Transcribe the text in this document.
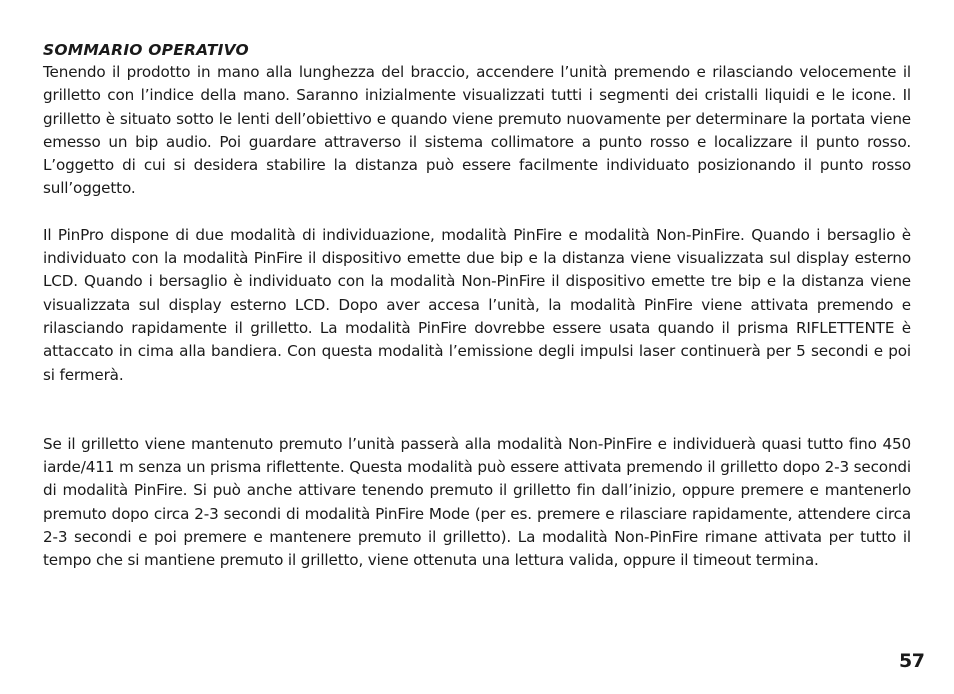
SOMMARIO OPERATIVO

Tenendo il prodotto in mano alla lunghezza del braccio, accendere l’unità premendo e rilasciando velocemente il grilletto con l’indice della mano. Saranno inizialmente visualizzati tutti i segmenti dei cristalli liquidi e le icone. Il grilletto è situato sotto le lenti dell’obiettivo e quando viene premuto nuovamente per determinare la portata viene emesso un bip audio. Poi guardare attraverso il sistema collimatore a punto rosso e localizzare il punto rosso. L’oggetto di cui si desidera stabilire la distanza può essere facilmente individuato posizionando il punto rosso sull’oggetto.

Il PinPro dispone di due modalità di individuazione, modalità PinFire e modalità Non-PinFire. Quando i bersaglio è individuato con la modalità PinFire il dispositivo emette due bip e la distanza viene visualizzata sul display esterno LCD. Quando i bersaglio è individuato con la modalità Non-PinFire il dispositivo emette tre bip e la distanza viene visualizzata sul display esterno LCD. Dopo aver accesa l’unità, la modalità PinFire viene attivata premendo e rilasciando rapidamente il grilletto. La modalità PinFire dovrebbe essere usata quando il prisma RIFLETTENTE è attaccato in cima alla bandiera. Con questa modalità l’emissione degli impulsi laser continuerà per 5 secondi e poi si fermerà.

Se il grilletto viene mantenuto premuto l’unità passerà alla modalità Non-PinFire e individuerà quasi tutto fino 450 iarde/411 m senza un prisma riflettente. Questa modalità può essere attivata premendo il grilletto dopo 2-3 secondi di modalità PinFire. Si può anche attivare tenendo premuto il grilletto fin dall’inizio, oppure premere e mantenerlo premuto dopo circa 2-3 secondi di modalità PinFire Mode (per es. premere e rilasciare rapidamente, attendere circa 2-3 secondi e poi premere e mantenere premuto il grilletto). La modalità Non-PinFire rimane attivata per tutto il tempo che si mantiene premuto il grilletto, viene ottenuta una lettura valida, oppure il timeout termina.

57
